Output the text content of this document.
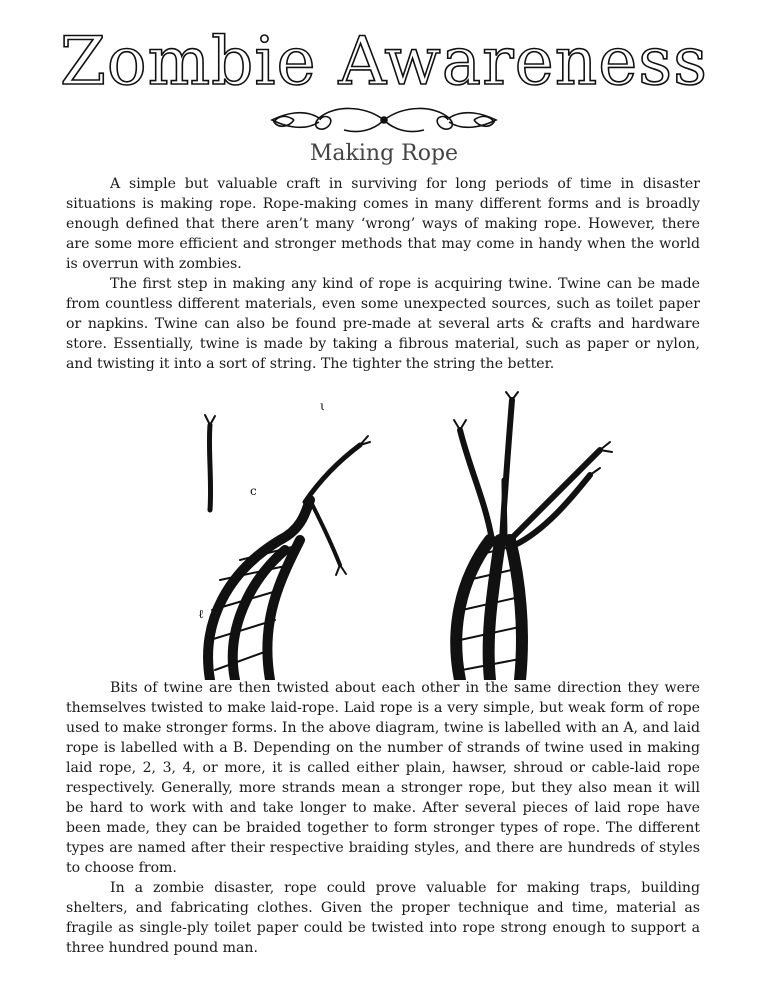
Zombie Awareness
Making Rope

A simple but valuable craft in surviving for long periods of time in disaster situations is making rope. Rope-making comes in many different forms and is broadly enough defined that there aren’t many ‘wrong’ ways of making rope. However, there are some more efficient and stronger methods that may come in handy when the world is overrun with zombies.

The first step in making any kind of rope is acquiring twine. Twine can be made from countless different materials, even some unexpected sources, such as toilet paper or napkins. Twine can also be found pre-made at several arts & crafts and hardware store. Essentially, twine is made by taking a fibrous material, such as paper or nylon, and twisting it into a sort of string. The tighter the string the better.

c
ℓ
ι

Bits of twine are then twisted about each other in the same direction they were themselves twisted to make laid-rope. Laid rope is a very simple, but weak form of rope used to make stronger forms. In the above diagram, twine is labelled with an A, and laid rope is labelled with a B. Depending on the number of strands of twine used in making laid rope, 2, 3, 4, or more, it is called either plain, hawser, shroud or cable-laid rope respectively. Generally, more strands mean a stronger rope, but they also mean it will be hard to work with and take longer to make. After several pieces of laid rope have been made, they can be braided together to form stronger types of rope. The different types are named after their respective braiding styles, and there are hundreds of styles to choose from.

In a zombie disaster, rope could prove valuable for making traps, building shelters, and fabricating clothes. Given the proper technique and time, material as fragile as single-ply toilet paper could be twisted into rope strong enough to support a three hundred pound man.
